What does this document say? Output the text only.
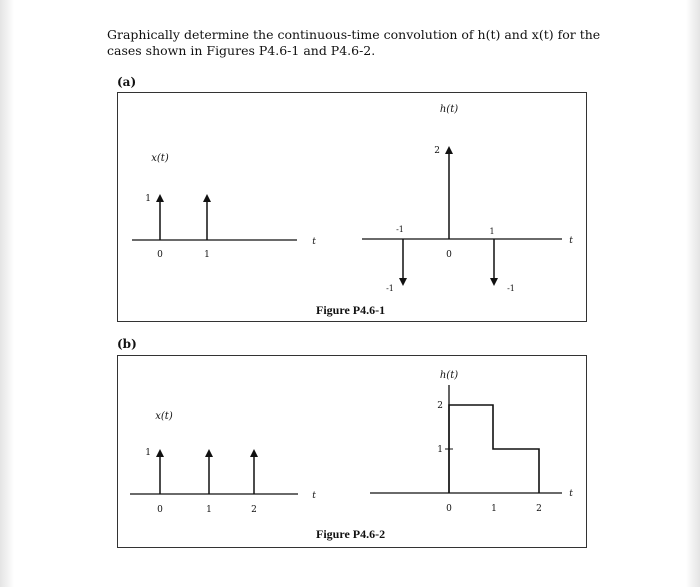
Graphically determine the continuous-time convolution of h(t) and x(t) for the
cases shown in Figures P4.6-1 and P4.6-2.
(a)
x(t)
1
0	1
t
h(t)
2
-1	1
0
-1	-1
t
Figure P4.6-1
(b)
x(t)
1
0	1	2
t
h(t)
2
1
0	1	2
t
Figure P4.6-2
